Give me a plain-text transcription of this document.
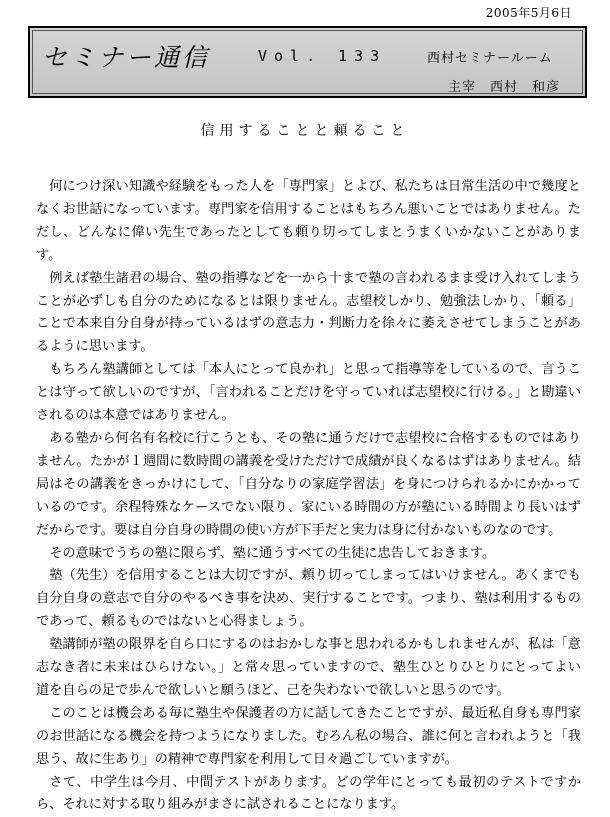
2005年5月6日
セミナー通信	Vol. 133	西村セミナールーム
主宰　西村　和彦
信用することと頼ること

何につけ深い知識や経験をもった人を「専門家」とよび、私たちは日常生活の中で幾度となくお世話になっています。専門家を信用することはもちろん悪いことではありません。ただし、どんなに偉い先生であったとしても頼り切ってしまとうまくいかないことがあります。

例えば塾生諸君の場合、塾の指導などを一から十まで塾の言われるまま受け入れてしまうことが必ずしも自分のためになるとは限りません。志望校しかり、勉強法しかり、「頼る」ことで本来自分自身が持っているはずの意志力・判断力を徐々に萎えさせてしまうことがあるように思います。

もちろん塾講師としては「本人にとって良かれ」と思って指導等をしているので、言うことは守って欲しいのですが、「言われることだけを守っていれば志望校に行ける。」と勘違いされるのは本意ではありません。

ある塾から何名有名校に行こうとも、その塾に通うだけで志望校に合格するものではありません。たかが１週間に数時間の講義を受けただけで成績が良くなるはずはありません。結局はその講義をきっかけにして、「自分なりの家庭学習法」を身につけられるかにかかっているのです。余程特殊なケースでない限り、家にいる時間の方が塾にいる時間より長いはずだからです。要は自分自身の時間の使い方が下手だと実力は身に付かないものなのです。

その意味でうちの塾に限らず、塾に通うすべての生徒に忠告しておきます。

塾（先生）を信用することは大切ですが、頼り切ってしまってはいけません。あくまでも自分自身の意志で自分のやるべき事を決め、実行することです。つまり、塾は利用するものであって、頼るものではないと心得ましょう。

塾講師が塾の限界を自ら口にするのはおかしな事と思われるかもしれませんが、私は「意志なき者に未来はひらけない。」と常々思っていますので、塾生ひとりひとりにとってよい道を自らの足で歩んで欲しいと願うほど、己を失わないで欲しいと思うのです。

このことは機会ある毎に塾生や保護者の方に話してきたことですが、最近私自身も専門家のお世話になる機会を持つようになりました。むろん私の場合、誰に何と言われようと「我思う、故に生あり」の精神で専門家を利用して日々過ごしていますが。

さて、中学生は今月、中間テストがあります。どの学年にとっても最初のテストですから、それに対する取り組みがまさに試されることになります。
